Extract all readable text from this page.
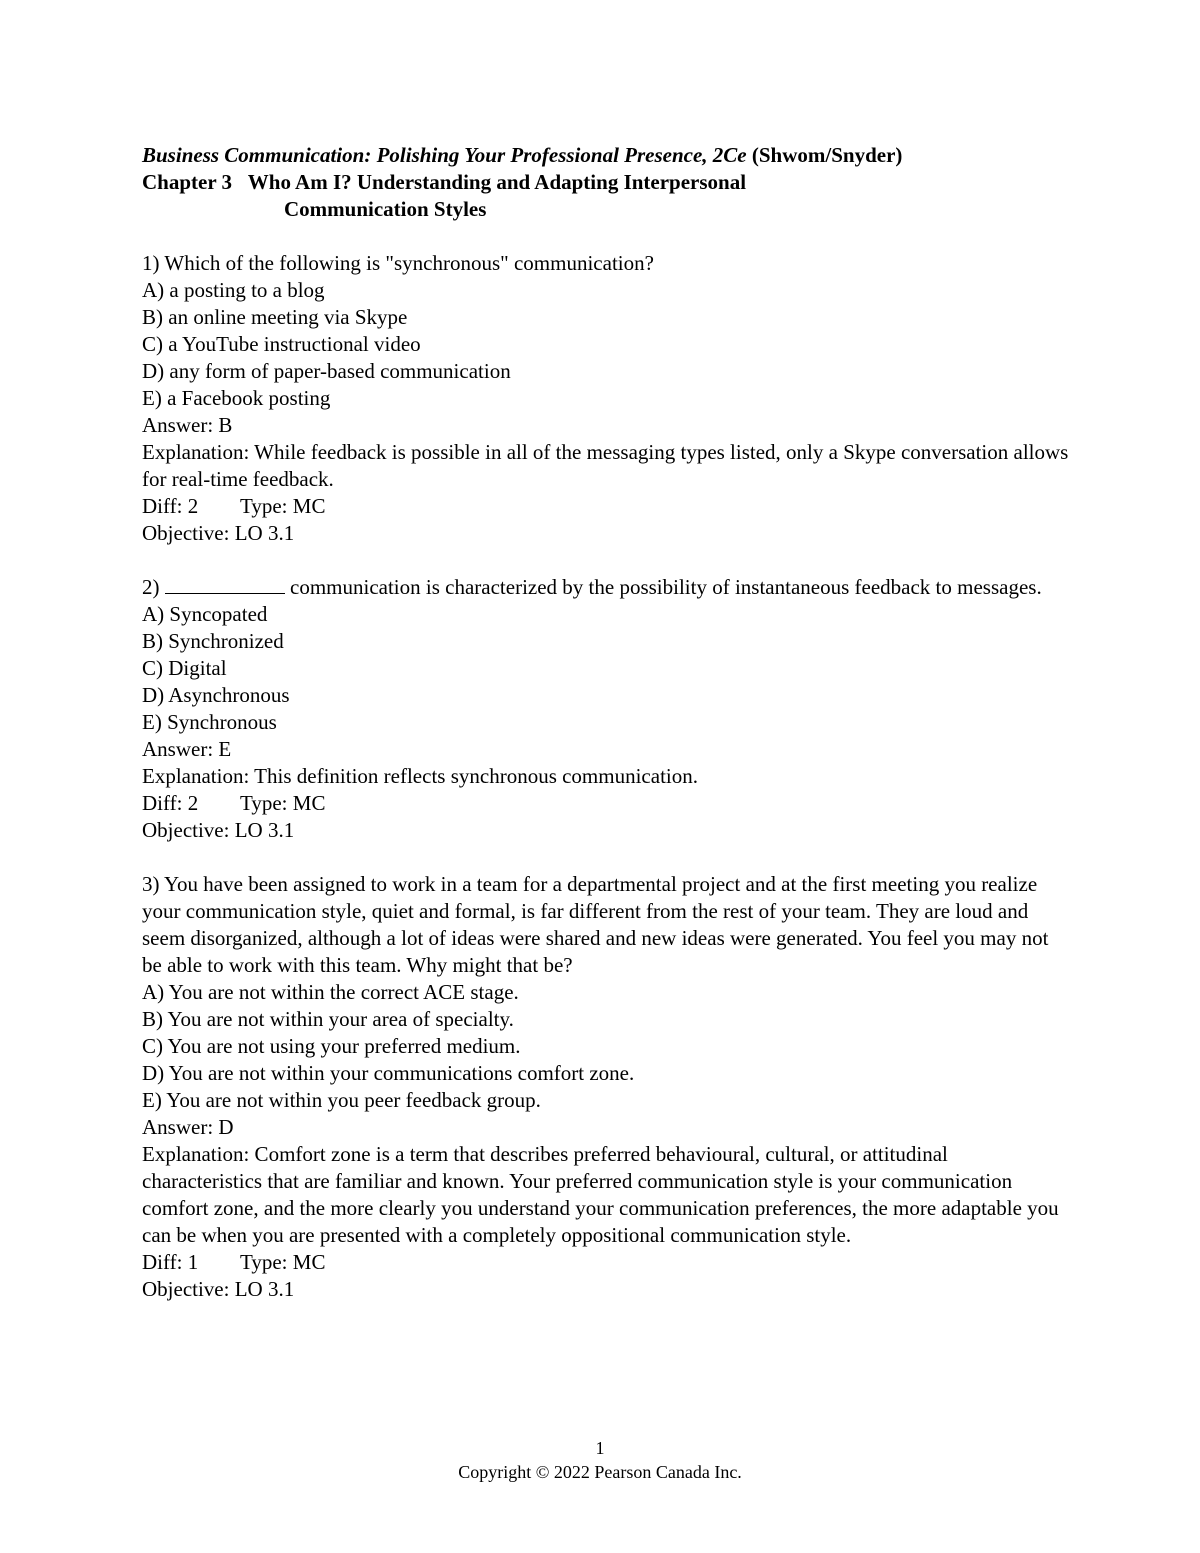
Business Communication: Polishing Your Professional Presence, 2Ce (Shwom/Snyder)
Chapter 3 Who Am I? Understanding and Adapting Interpersonal
Communication Styles
1) Which of the following is "synchronous" communication?
A) a posting to a blog
B) an online meeting via Skype
C) a YouTube instructional video
D) any form of paper-based communication
E) a Facebook posting
Answer: B
Explanation: While feedback is possible in all of the messaging types listed, only a Skype conversation allows for real-time feedback.
Diff: 2 Type: MC
Objective: LO 3.1
2)	communication is characterized by the possibility of instantaneous feedback to messages.
A) Syncopated
B) Synchronized
C) Digital
D) Asynchronous
E) Synchronous
Answer: E
Explanation: This definition reflects synchronous communication.
Diff: 2 Type: MC
Objective: LO 3.1
3) You have been assigned to work in a team for a departmental project and at the first meeting you realize your communication style, quiet and formal, is far different from the rest of your team. They are loud and seem disorganized, although a lot of ideas were shared and new ideas were generated. You feel you may not be able to work with this team. Why might that be?
A) You are not within the correct ACE stage.
B) You are not within your area of specialty.
C) You are not using your preferred medium.
D) You are not within your communications comfort zone.
E) You are not within you peer feedback group.
Answer: D
Explanation: Comfort zone is a term that describes preferred behavioural, cultural, or attitudinal characteristics that are familiar and known. Your preferred communication style is your communication comfort zone, and the more clearly you understand your communication preferences, the more adaptable you can be when you are presented with a completely oppositional communication style.
Diff: 1 Type: MC
Objective: LO 3.1
1
Copyright © 2022 Pearson Canada Inc.
